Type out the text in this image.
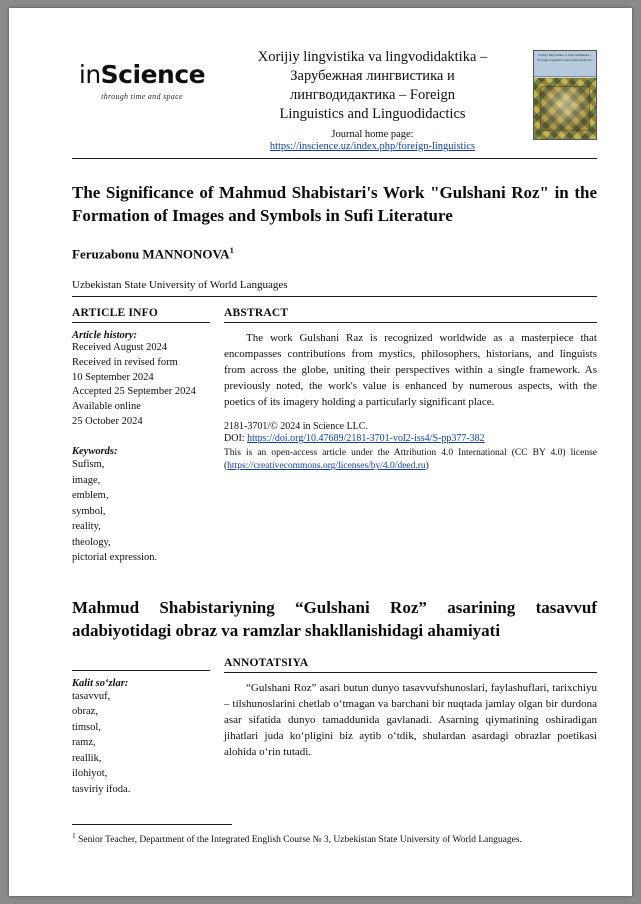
inScience
through time and space
Xorijiy lingvistika va lingvodidaktika –
Зарубежная лингвистика и
лингводидактика – Foreign
Linguistics and Linguodidactics
Journal home page:
https://inscience.uz/index.php/foreign-linguistics
Xorijiy lingvistika va lingvodidaktika – Foreign Linguistics and Linguodidactics
The Significance of Mahmud Shabistari's Work "Gulshani Roz" in the Formation of Images and Symbols in Sufi Literature
Feruzabonu MANNONOVA$^1$
Uzbekistan State University of World Languages
ARTICLE INFO
Article history:
Received August 2024
Received in revised form
10 September 2024
Accepted 25 September 2024
Available online
25 October 2024
Keywords:
Sufism,
image,
emblem,
symbol,
reality,
theology,
pictorial expression.
ABSTRACT
The work Gulshani Raz is recognized worldwide as a masterpiece that encompasses contributions from mystics, philosophers, historians, and linguists from across the globe, uniting their perspectives within a single framework. As previously noted, the work's value is enhanced by numerous aspects, with the poetics of its imagery holding a particularly significant place.
2181-3701/© 2024 in Science LLC.
DOI: https://doi.org/10.47689/2181-3701-vol2-iss4/S-pp377-382
This is an open-access article under the Attribution 4.0 International (CC BY 4.0) license (https://creativecommons.org/licenses/by/4.0/deed.ru)
Mahmud Shabistariyning “Gulshani Roz” asarining tasavvuf adabiyotidagi obraz va ramzlar shakllanishidagi ahamiyati
Kalit so‘zlar:
tasavvuf,
obraz,
timsol,
ramz,
reallik,
ilohiyot,
tasviriy ifoda.
ANNOTATSIYA
“Gulshani Roz” asari butun dunyo tasavvufshunoslari, faylashuflari, tarixchiyu – tilshunoslarini chetlab o‘tmagan va barchani bir nuqtada jamlay olgan bir durdona asar sifatida dunyo tamaddunida gavlanadi. Asarning qiymatining oshiradigan jihatlari juda ko‘pligini biz aytib o‘tdik, shulardan asardagi obrazlar poetikasi alohida o‘rin tutadi.
$^1$ Senior Teacher, Department of the Integrated English Course № 3, Uzbekistan State University of World Languages.
